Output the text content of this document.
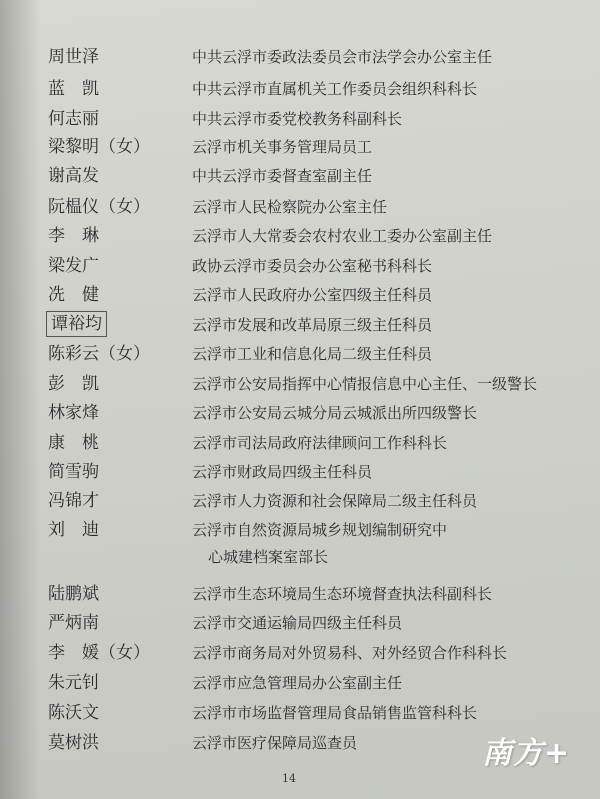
周世泽	中共云浮市委政法委员会市法学会办公室主任
蓝　凯	中共云浮市直属机关工作委员会组织科科长
何志丽	中共云浮市委党校教务科副科长
梁黎明（女）	云浮市机关事务管理局员工
谢高发	中共云浮市委督查室副主任
阮榅仪（女）	云浮市人民检察院办公室主任
李　琳	云浮市人大常委会农村农业工委办公室副主任
梁发广	政协云浮市委员会办公室秘书科科长
冼　健	云浮市人民政府办公室四级主任科员
谭裕均	云浮市发展和改革局原三级主任科员
陈彩云（女）	云浮市工业和信息化局二级主任科员
彭　凯	云浮市公安局指挥中心情报信息中心主任、一级警长
林家烽	云浮市公安局云城分局云城派出所四级警长
康　桃	云浮市司法局政府法律顾问工作科科长
简雪驹	云浮市财政局四级主任科员
冯锦才	云浮市人力资源和社会保障局二级主任科员
刘　迪	云浮市自然资源局城乡规划编制研究中
心城建档案室部长
陆鹏斌	云浮市生态环境局生态环境督查执法科副科长
严炳南	云浮市交通运输局四级主任科员
李　媛（女）	云浮市商务局对外贸易科、对外经贸合作科科长
朱元钊	云浮市应急管理局办公室副主任
陈沃文	云浮市市场监督管理局食品销售监管科科长
莫树洪	云浮市医疗保障局巡查员
14
南方+
